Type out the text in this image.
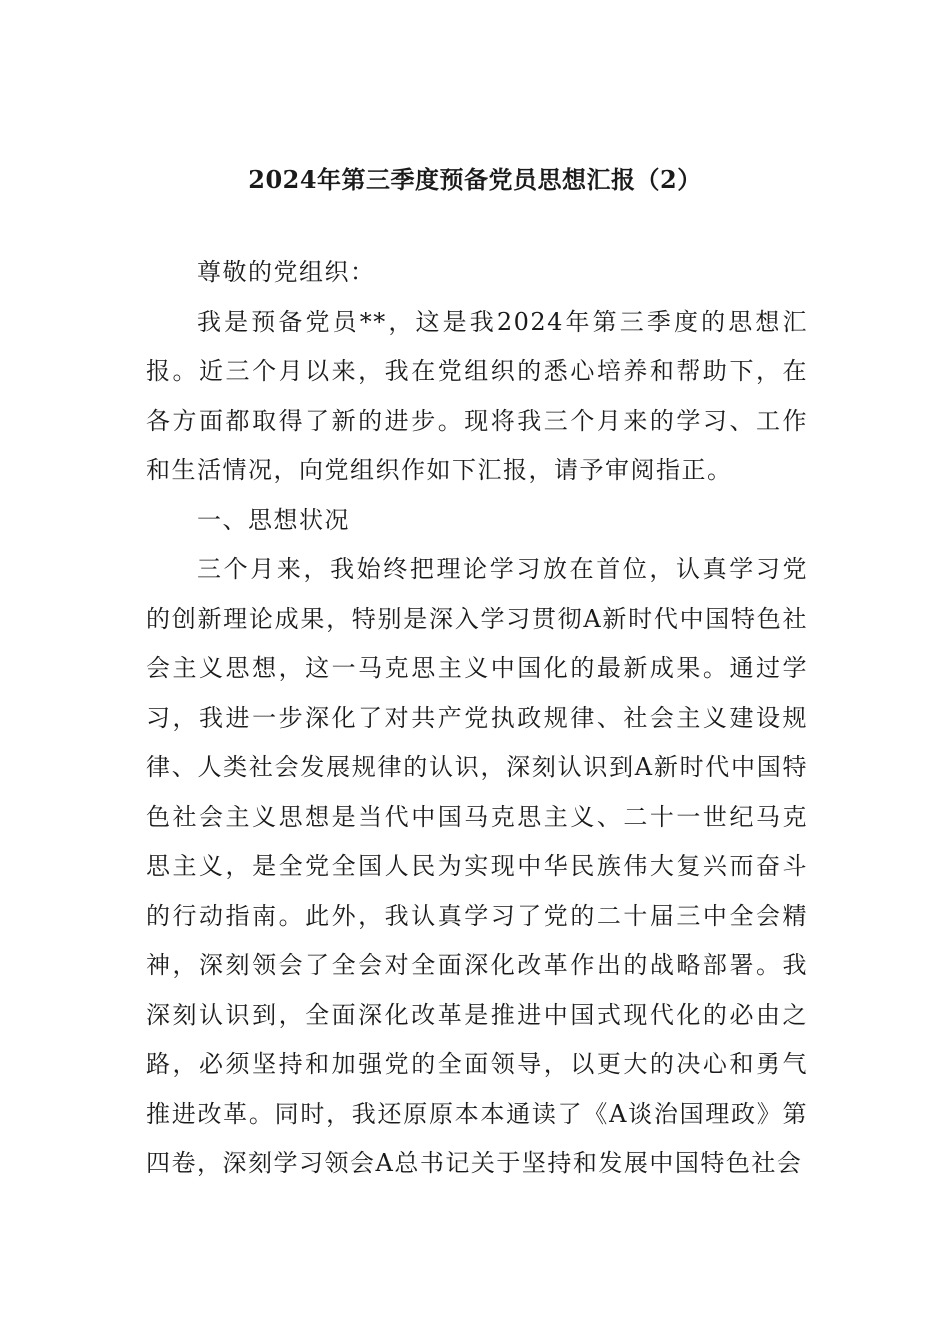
2024年第三季度预备党员思想汇报（2）

尊敬的党组织：

我是预备党员**，这是我2024年第三季度的思想汇报。近三个月以来，我在党组织的悉心培养和帮助下，在各方面都取得了新的进步。现将我三个月来的学习、工作和生活情况，向党组织作如下汇报，请予审阅指正。

一、思想状况

三个月来，我始终把理论学习放在首位，认真学习党的创新理论成果，特别是深入学习贯彻A新时代中国特色社会主义思想，这一马克思主义中国化的最新成果。通过学习，我进一步深化了对共产党执政规律、社会主义建设规律、人类社会发展规律的认识，深刻认识到A新时代中国特色社会主义思想是当代中国马克思主义、二十一世纪马克思主义，是全党全国人民为实现中华民族伟大复兴而奋斗的行动指南。此外，我认真学习了党的二十届三中全会精神，深刻领会了全会对全面深化改革作出的战略部署。我深刻认识到，全面深化改革是推进中国式现代化的必由之路，必须坚持和加强党的全面领导，以更大的决心和勇气推进改革。同时，我还原原本本通读了《A谈治国理政》第四卷，深刻学习领会A总书记关于坚持和发展中国特色社会
